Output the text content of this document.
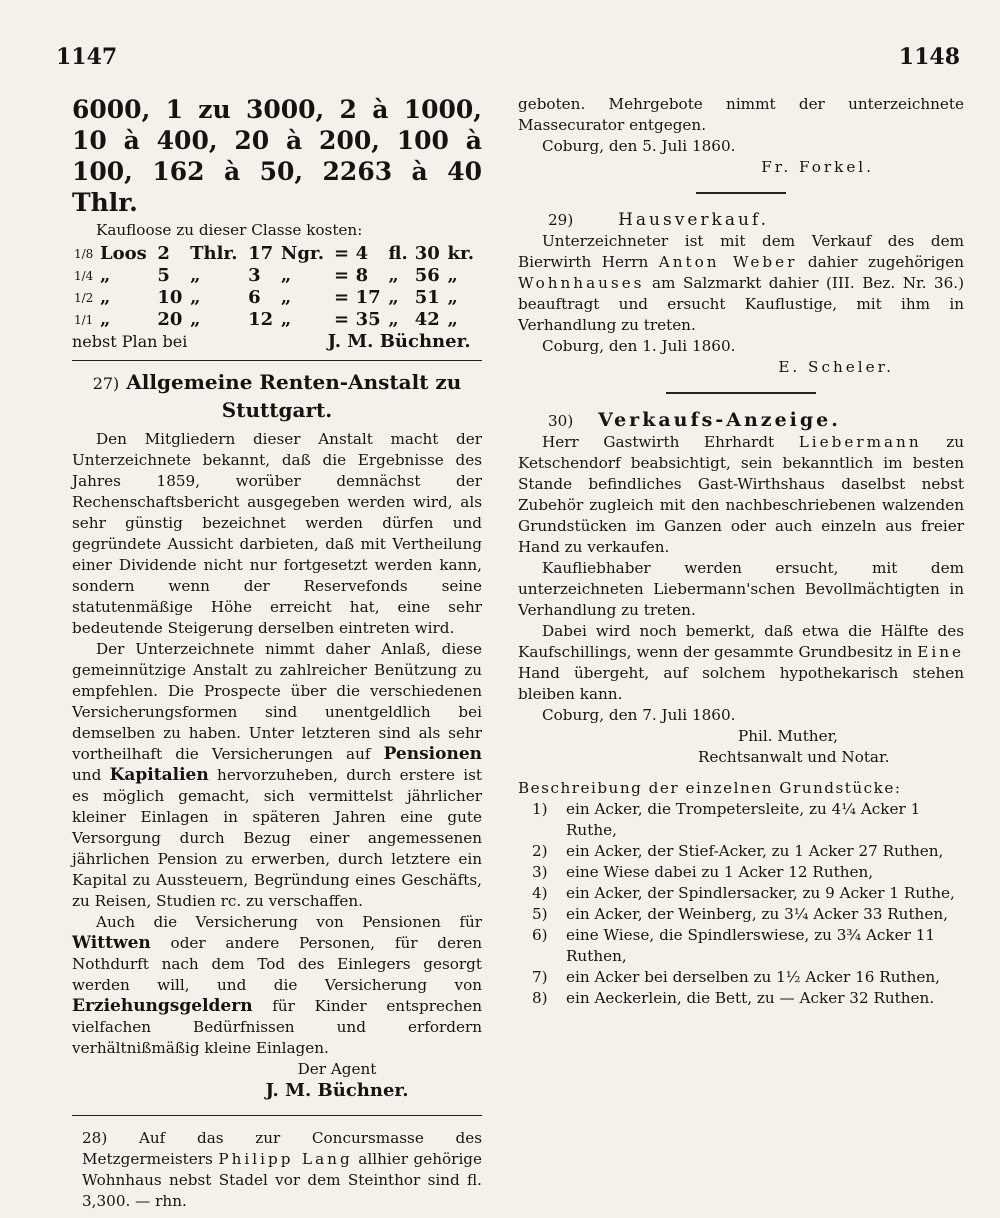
1147	1148

6000, 1 zu 3000, 2 à 1000, 10 à 400, 20 à 200, 100 à 100, 162 à 50, 2263 à 40 Thlr.

Kaufloose zu dieser Classe kosten:

1/8	Loos	2	Thlr.	17	Ngr.	=	4	fl.	30	kr.
1/4	„	5	„	3	„	=	8	„	56	„
1/2	„	10	„	6	„	=	17	„	51	„
1/1	„	20	„	12	„	=	35	„	42	„

nebst Plan bei	J. M. Büchner.

27) Allgemeine Renten-Anstalt zu Stuttgart.

Den Mitgliedern dieser Anstalt macht der Unterzeichnete bekannt, daß die Ergebnisse des Jahres 1859, worüber demnächst der Rechenschaftsbericht ausgegeben werden wird, als sehr günstig bezeichnet werden dürfen und gegründete Aussicht darbieten, daß mit Vertheilung einer Dividende nicht nur fortgesetzt werden kann, sondern wenn der Reservefonds seine statutenmäßige Höhe erreicht hat, eine sehr bedeutende Steigerung derselben eintreten wird.

Der Unterzeichnete nimmt daher Anlaß, diese gemeinnützige Anstalt zu zahlreicher Benützung zu empfehlen. Die Prospecte über die verschiedenen Versicherungsformen sind unentgeldlich bei demselben zu haben. Unter letzteren sind als sehr vortheilhaft die Versicherungen auf Pensionen und Kapitalien hervorzuheben, durch erstere ist es möglich gemacht, sich vermittelst jährlicher kleiner Einlagen in späteren Jahren eine gute Versorgung durch Bezug einer angemessenen jährlichen Pension zu erwerben, durch letztere ein Kapital zu Aussteuern, Begründung eines Geschäfts, zu Reisen, Studien rc. zu verschaffen.

Auch die Versicherung von Pensionen für Wittwen oder andere Personen, für deren Nothdurft nach dem Tod des Einlegers gesorgt werden will, und die Versicherung von Erziehungsgeldern für Kinder entsprechen vielfachen Bedürfnissen und erfordern verhältnißmäßig kleine Einlagen.

Der Agent

J. M. Büchner.

28) Auf das zur Concursmasse des Metzgermeisters Philipp Lang allhier gehörige Wohnhaus nebst Stadel vor dem Steinthor sind fl. 3,300. — rhn.

geboten. Mehrgebote nimmt der unterzeichnete Massecurator entgegen.

Coburg, den 5. Juli 1860.

Fr. Forkel.

29)	Hausverkauf.

Unterzeichneter ist mit dem Verkauf des dem Bierwirth Herrn Anton Weber dahier zugehörigen Wohnhauses am Salzmarkt dahier (III. Bez. Nr. 36.) beauftragt und ersucht Kauflustige, mit ihm in Verhandlung zu treten.

Coburg, den 1. Juli 1860.

E. Scheler.

30) Verkaufs-Anzeige.

Herr Gastwirth Ehrhardt Liebermann zu Ketschendorf beabsichtigt, sein bekanntlich im besten Stande befindliches Gast-Wirthshaus daselbst nebst Zubehör zugleich mit den nachbeschriebenen walzenden Grundstücken im Ganzen oder auch einzeln aus freier Hand zu verkaufen.

Kaufliebhaber werden ersucht, mit dem unterzeichneten Liebermann'schen Bevollmächtigten in Verhandlung zu treten.

Dabei wird noch bemerkt, daß etwa die Hälfte des Kaufschillings, wenn der gesammte Grundbesitz in Eine Hand übergeht, auf solchem hypothekarisch stehen bleiben kann.

Coburg, den 7. Juli 1860.

Phil. Muther,

Rechtsanwalt und Notar.

Beschreibung der einzelnen Grundstücke:

1) ein Acker, die Trompetersleite, zu 4¼ Acker 1 Ruthe,
2) ein Acker, der Stief-Acker, zu 1 Acker 27 Ruthen,
3) eine Wiese dabei zu 1 Acker 12 Ruthen,
4) ein Acker, der Spindlersacker, zu 9 Acker 1 Ruthe,
5) ein Acker, der Weinberg, zu 3¼ Acker 33 Ruthen,
6) eine Wiese, die Spindlerswiese, zu 3¾ Acker 11 Ruthen,
7) ein Acker bei derselben zu 1½ Acker 16 Ruthen,
8) ein Aeckerlein, die Bett, zu — Acker 32 Ruthen.
